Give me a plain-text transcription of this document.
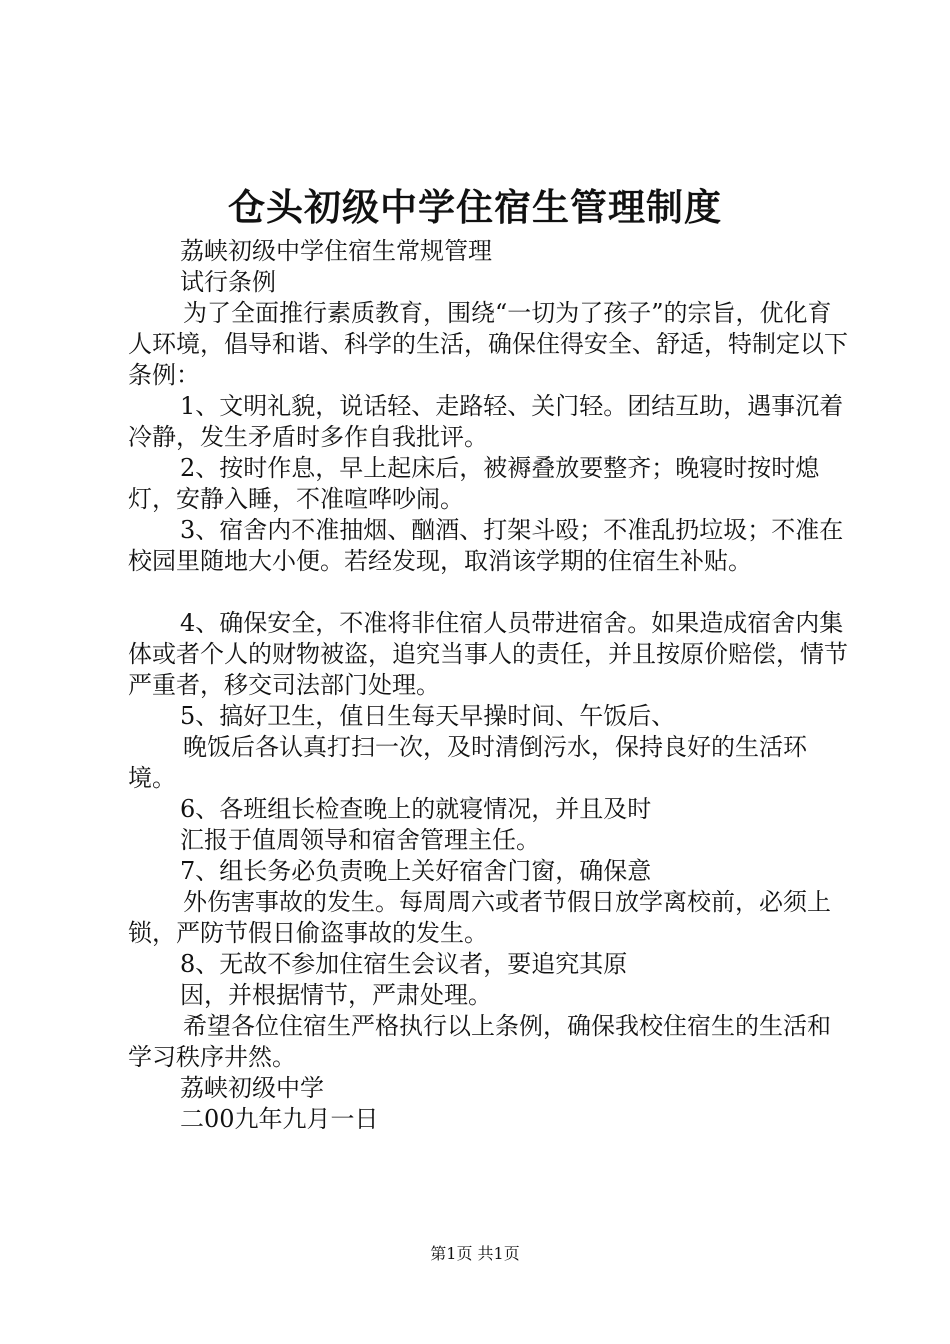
仓头初级中学住宿生管理制度

荔峡初级中学住宿生常规管理

试行条例

为了全面推行素质教育，围绕“一切为了孩子”的宗旨，优化育人环境，倡导和谐、科学的生活，确保住得安全、舒适，特制定以下条例：

1、文明礼貌，说话轻、走路轻、关门轻。团结互助，遇事沉着冷静，发生矛盾时多作自我批评。

2、按时作息，早上起床后，被褥叠放要整齐；晚寝时按时熄灯，安静入睡，不准喧哗吵闹。

3、宿舍内不准抽烟、酗酒、打架斗殴；不准乱扔垃圾；不准在校园里随地大小便。若经发现，取消该学期的住宿生补贴。

4、确保安全，不准将非住宿人员带进宿舍。如果造成宿舍内集体或者个人的财物被盗，追究当事人的责任，并且按原价赔偿，情节严重者，移交司法部门处理。

5、搞好卫生，值日生每天早操时间、午饭后、

晚饭后各认真打扫一次，及时清倒污水，保持良好的生活环境。

6、各班组长检查晚上的就寝情况，并且及时

汇报于值周领导和宿舍管理主任。

7、组长务必负责晚上关好宿舍门窗，确保意

外伤害事故的发生。每周周六或者节假日放学离校前，必须上锁，严防节假日偷盗事故的发生。

8、无故不参加住宿生会议者，要追究其原

因，并根据情节，严肃处理。

希望各位住宿生严格执行以上条例，确保我校住宿生的生活和学习秩序井然。

荔峡初级中学

二00九年九月一日

第1页 共1页
